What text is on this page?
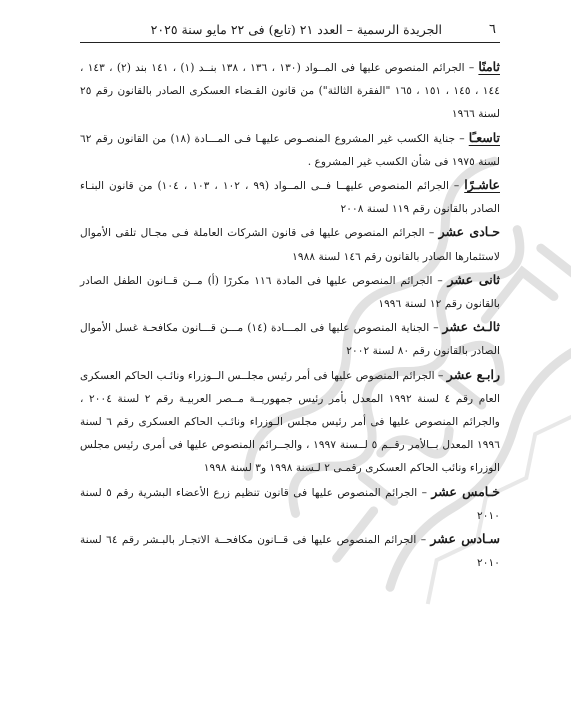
٦
الجريدة الرسمية – العدد ٢١ (تابع) فى ٢٢ مايو سنة ٢٠٢٥

ثامنًا – الجرائم المنصوص عليها فى المــواد (١٣٠ ، ١٣٦ ، ١٣٨ بنــد (١) ، ١٤١ بند (٢) ، ١٤٣ ، ١٤٤ ، ١٤٥ ، ١٥١ ، ١٦٥ "الفقرة الثالثة") من قانون القـضاء العسكرى الصادر بالقانون رقم ٢٥ لسنة ١٩٦٦

تاسعـًا – جناية الكسب غير المشروع المنصـوص عليهـا فـى المـــادة (١٨) من القانون رقم ٦٢ لسنة ١٩٧٥ فى شأن الكسب غير المشروع .

عاشـرًا – الجرائم المنصوص عليهــا فــى المــواد (٩٩ ، ١٠٢ ، ١٠٣ ، ١٠٤) من قانون البنـاء الصادر بالقانون رقم ١١٩ لسنة ٢٠٠٨

حـادى عشر – الجرائم المنصوص عليها فى قانون الشركات العاملة فـى مجـال تلقى الأموال لاستثمارها الصادر بالقانون رقم ١٤٦ لسنة ١٩٨٨

ثانى عشر – الجرائم المنصوص عليها فى المادة ١١٦ مكررًا (أ) مــن قــانون الطفل الصادر بالقانون رقم ١٢ لسنة ١٩٩٦

ثالـث عشر – الجناية المنصوص عليها فى المـــادة (١٤) مـــن قـــانون مكافحـة غسل الأموال الصادر بالقانون رقم ٨٠ لسنة ٢٠٠٢

رابـع عشر – الجرائم المنصوص عليها فى أمر رئيس مجلــس الــوزراء ونائـب الحاكم العسكرى العام رقم ٤ لسنة ١٩٩٢ المعدل بأمر رئيس جمهوريــة مــصر العربيـة رقم ٢ لسنة ٢٠٠٤ ، والجرائم المنصوص عليها فى أمر رئيس مجلس الـوزراء ونائـب الحاكم العسكرى رقم ٦ لسنة ١٩٩٦ المعدل بــالأمر رقــم ٥ لــسنة ١٩٩٧ ، والجــرائم المنصوص عليها فى أمرى رئيس مجلس الوزراء ونائب الحاكم العسكرى رقمـى ٢ لـسنة ١٩٩٨ و٣ لسنة ١٩٩٨

خـامس عشر – الجرائم المنصوص عليها فى قانون تنظيم زرع الأعضاء البشرية رقم ٥ لسنة ٢٠١٠

سـادس عشر – الجرائم المنصوص عليها فى قــانون مكافحــة الاتجـار بالبـشر رقم ٦٤ لسنة ٢٠١٠
